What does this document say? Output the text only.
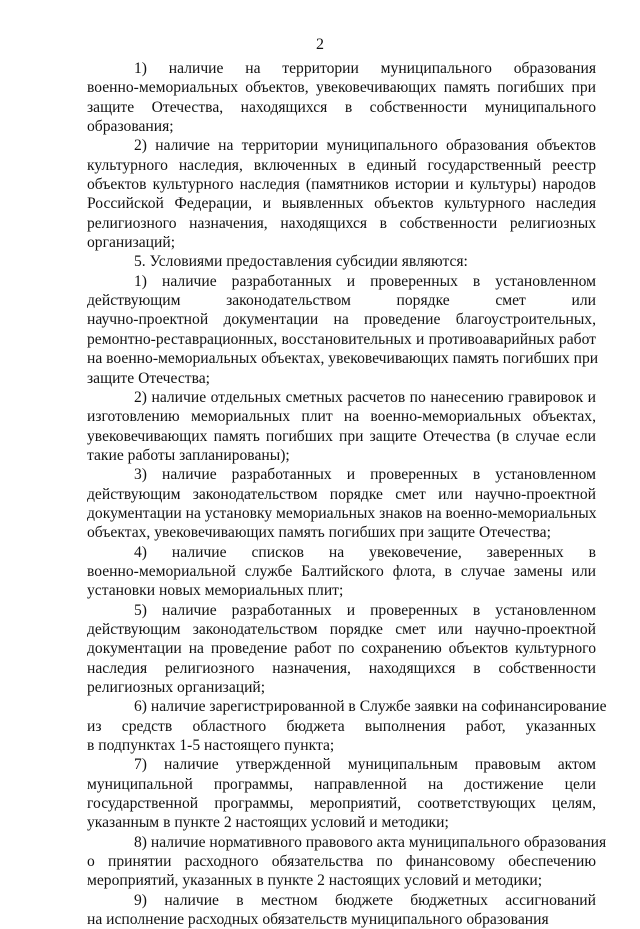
2
1) наличие на территории муниципального образования
военно-мемориальных объектов, увековечивающих память погибших при
защите Отечества, находящихся в собственности муниципального
образования;
2) наличие на территории муниципального образования объектов
культурного наследия, включенных в единый государственный реестр
объектов культурного наследия (памятников истории и культуры) народов
Российской Федерации, и выявленных объектов культурного наследия
религиозного назначения, находящихся в собственности религиозных
организаций;
5. Условиями предоставления субсидии являются:
1) наличие разработанных и проверенных в установленном
действующим законодательством порядке смет или
научно-проектной документации на проведение благоустроительных,
ремонтно-реставрационных, восстановительных и противоаварийных работ
на военно-мемориальных объектах, увековечивающих память погибших при
защите Отечества;
2) наличие отдельных сметных расчетов по нанесению гравировок и
изготовлению мемориальных плит на военно-мемориальных объектах,
увековечивающих память погибших при защите Отечества (в случае если
такие работы запланированы);
3) наличие разработанных и проверенных в установленном
действующим законодательством порядке смет или научно-проектной
документации на установку мемориальных знаков на военно-мемориальных
объектах, увековечивающих память погибших при защите Отечества;
4) наличие списков на увековечение, заверенных в
военно-мемориальной службе Балтийского флота, в случае замены или
установки новых мемориальных плит;
5) наличие разработанных и проверенных в установленном
действующим законодательством порядке смет или научно-проектной
документации на проведение работ по сохранению объектов культурного
наследия религиозного назначения, находящихся в собственности
религиозных организаций;
6) наличие зарегистрированной в Службе заявки на софинансирование
из средств областного бюджета выполнения работ, указанных
в подпунктах 1-5 настоящего пункта;
7) наличие утвержденной муниципальным правовым актом
муниципальной программы, направленной на достижение цели
государственной программы, мероприятий, соответствующих целям,
указанным в пункте 2 настоящих условий и методики;
8) наличие нормативного правового акта муниципального образования
о принятии расходного обязательства по финансовому обеспечению
мероприятий, указанных в пункте 2 настоящих условий и методики;
9) наличие в местном бюджете бюджетных ассигнований
на исполнение расходных обязательств муниципального образования
